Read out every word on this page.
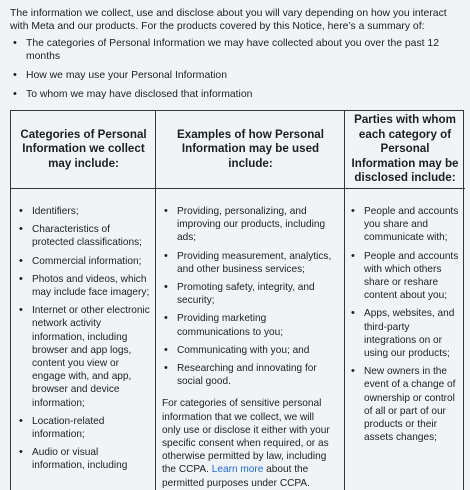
The information we collect, use and disclose about you will vary depending on how you interact with Meta and our products. For the products covered by this Notice, here’s a summary of:

• The categories of Personal Information we may have collected about you over the past 12 months
• How we may use your Personal Information
• To whom we may have disclosed that information
Categories of Personal Information we collect may include:
• Identifiers;
• Characteristics of protected classifications;
• Commercial information;
• Photos and videos, which may include face imagery;
• Internet or other electronic network activity information, including browser and app logs, content you view or engage with, and app, browser and device information;
• Location-related information;
• Audio or visual information, including
Examples of how Personal Information may be used include:
• Providing, personalizing, and improving our products, including ads;
• Providing measurement, analytics, and other business services;
• Promoting safety, integrity, and security;
• Providing marketing communications to you;
• Communicating with you; and
• Researching and innovating for social good.

For categories of sensitive personal information that we collect, we will only use or disclose it either with your specific consent when required, or as otherwise permitted by law, including the CCPA. Learn more about the permitted purposes under CCPA.

Parties with whom each category of Personal Information may be disclosed include:
• People and accounts you share and communicate with;
• People and accounts with which others share or reshare content about you;
• Apps, websites, and third-party integrations on or using our products;
• New owners in the event of a change of ownership or control of all or part of our products or their assets changes;
